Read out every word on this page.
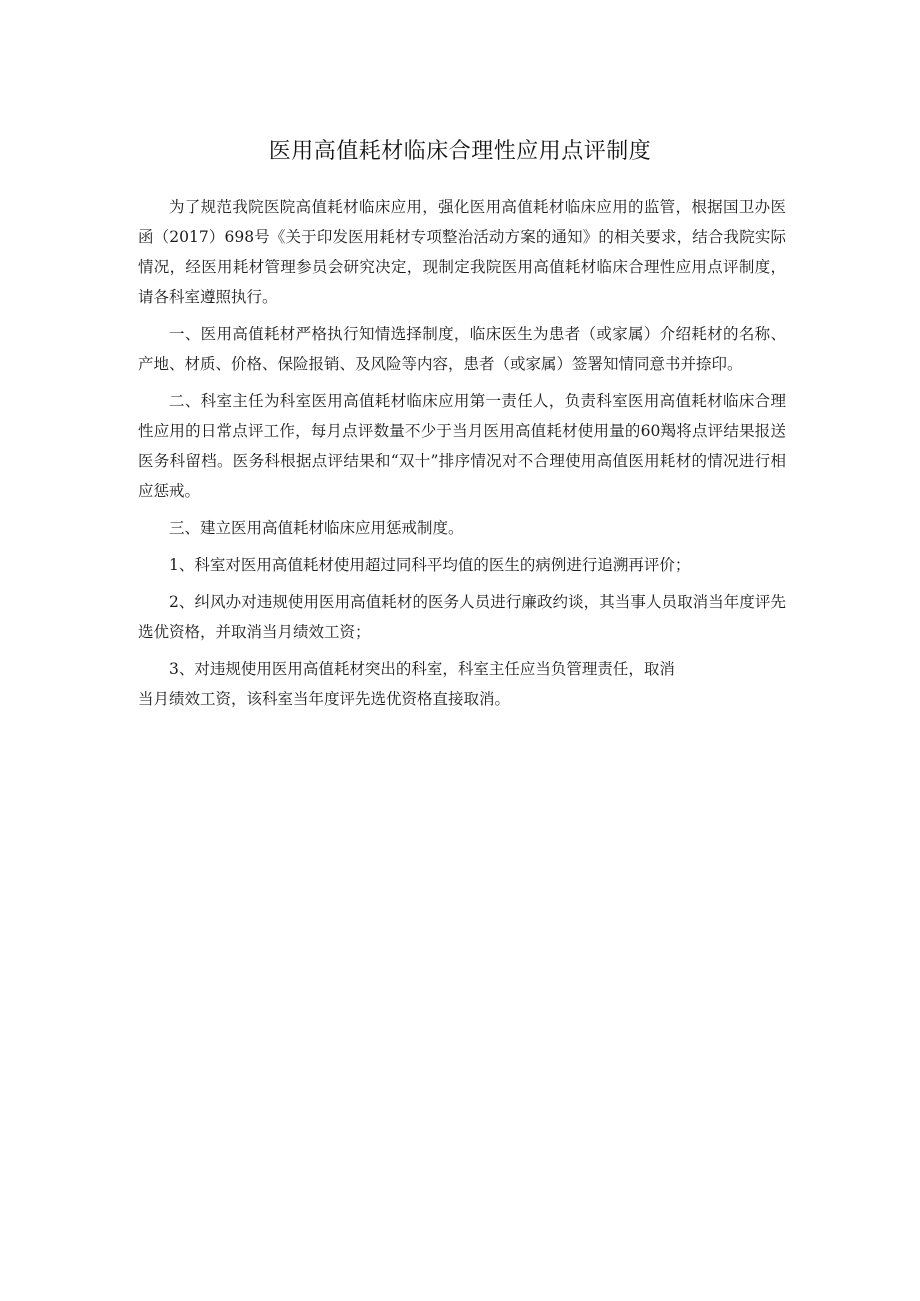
医用高值耗材临床合理性应用点评制度

为了规范我院医院高值耗材临床应用，强化医用高值耗材临床应用的监管，根据国卫办医函（2017）698号《关于印发医用耗材专项整治活动方案的通知》的相关要求，结合我院实际情况，经医用耗材管理参员会研究决定，现制定我院医用高值耗材临床合理性应用点评制度，请各科室遵照执行。

一、医用高值耗材严格执行知情选择制度，临床医生为患者（或家属）介绍耗材的名称、产地、材质、价格、保险报销、及风险等内容，患者（或家属）签署知情同意书并捺印。

二、科室主任为科室医用高值耗材临床应用第一责任人，负责科室医用高值耗材临床合理性应用的日常点评工作，每月点评数量不少于当月医用高值耗材使用量的60羯将点评结果报送医务科留档。医务科根据点评结果和“双十”排序情况对不合理使用高值医用耗材的情况进行相应惩戒。

三、建立医用高值耗材临床应用惩戒制度。

1、科室对医用高值耗材使用超过同科平均值的医生的病例进行追溯再评价；

2、纠风办对违规使用医用高值耗材的医务人员进行廉政约谈，其当事人员取消当年度评先选优资格，并取消当月绩效工资；

3、对违规使用医用高值耗材突出的科室，科室主任应当负管理责任，取消

当月绩效工资，该科室当年度评先选优资格直接取消。
